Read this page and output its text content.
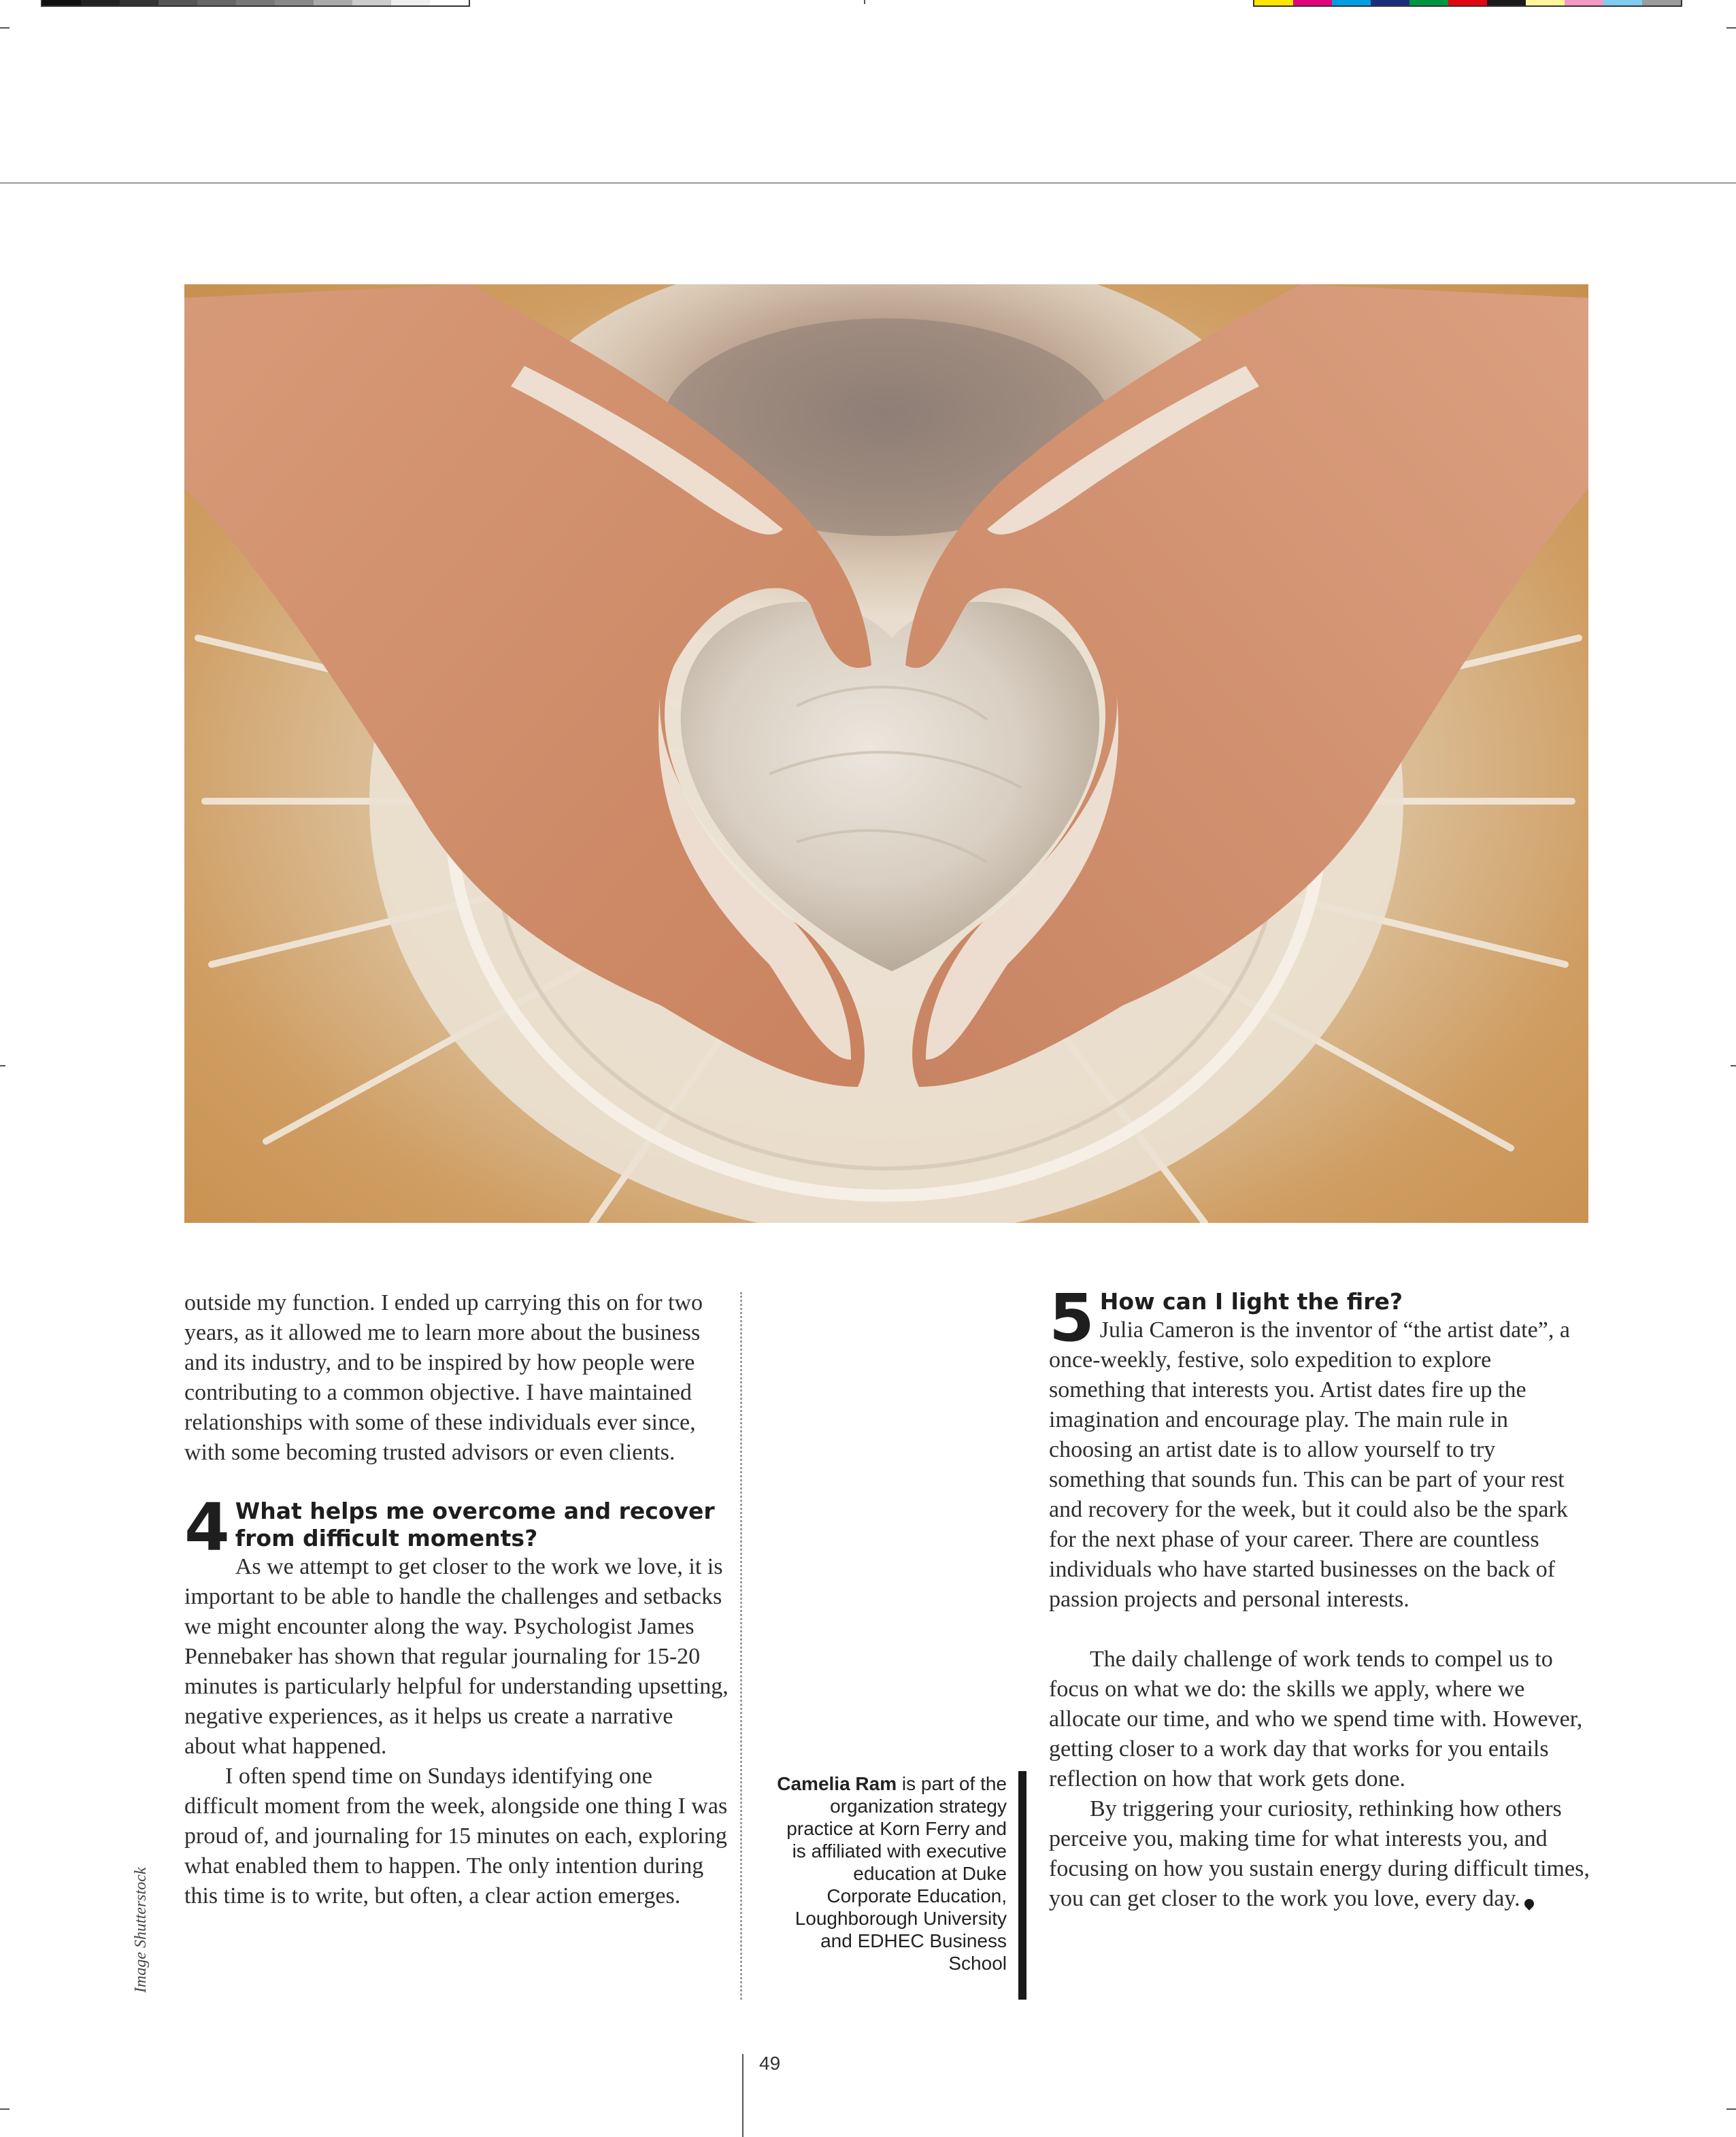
outside my function. I ended up carrying this on for two years, as it allowed me to learn more about the business and its industry, and to be inspired by how people were contributing to a common objective. I have maintained relationships with some of these individuals ever since, with some becoming trusted advisors or even clients.

4 What helps me overcome and recover from difficult moments?

As we attempt to get closer to the work we love, it is important to be able to handle the challenges and setbacks we might encounter along the way. Psychologist James Pennebaker has shown that regular journaling for 15-20 minutes is particularly helpful for understanding upsetting, negative experiences, as it helps us create a narrative about what happened.

I often spend time on Sundays identifying one difficult moment from the week, alongside one thing I was proud of, and journaling for 15 minutes on each, exploring what enabled them to happen. The only intention during this time is to write, but often, a clear action emerges.

Camelia Ram is part of the organization strategy practice at Korn Ferry and is affiliated with executive education at Duke Corporate Education, Loughborough University and EDHEC Business School
5 How can I light the fire?

Julia Cameron is the inventor of “the artist date”, a once-weekly, festive, solo expedition to explore something that interests you. Artist dates fire up the imagination and encourage play. The main rule in choosing an artist date is to allow yourself to try something that sounds fun. This can be part of your rest and recovery for the week, but it could also be the spark for the next phase of your career. There are countless individuals who have started businesses on the back of passion projects and personal interests.

The daily challenge of work tends to compel us to focus on what we do: the skills we apply, where we allocate our time, and who we spend time with. However, getting closer to a work day that works for you entails reflection on how that work gets done.

By triggering your curiosity, rethinking how others perceive you, making time for what interests you, and focusing on how you sustain energy during difficult times, you can get closer to the work you love, every day.

Image Shutterstock
49
